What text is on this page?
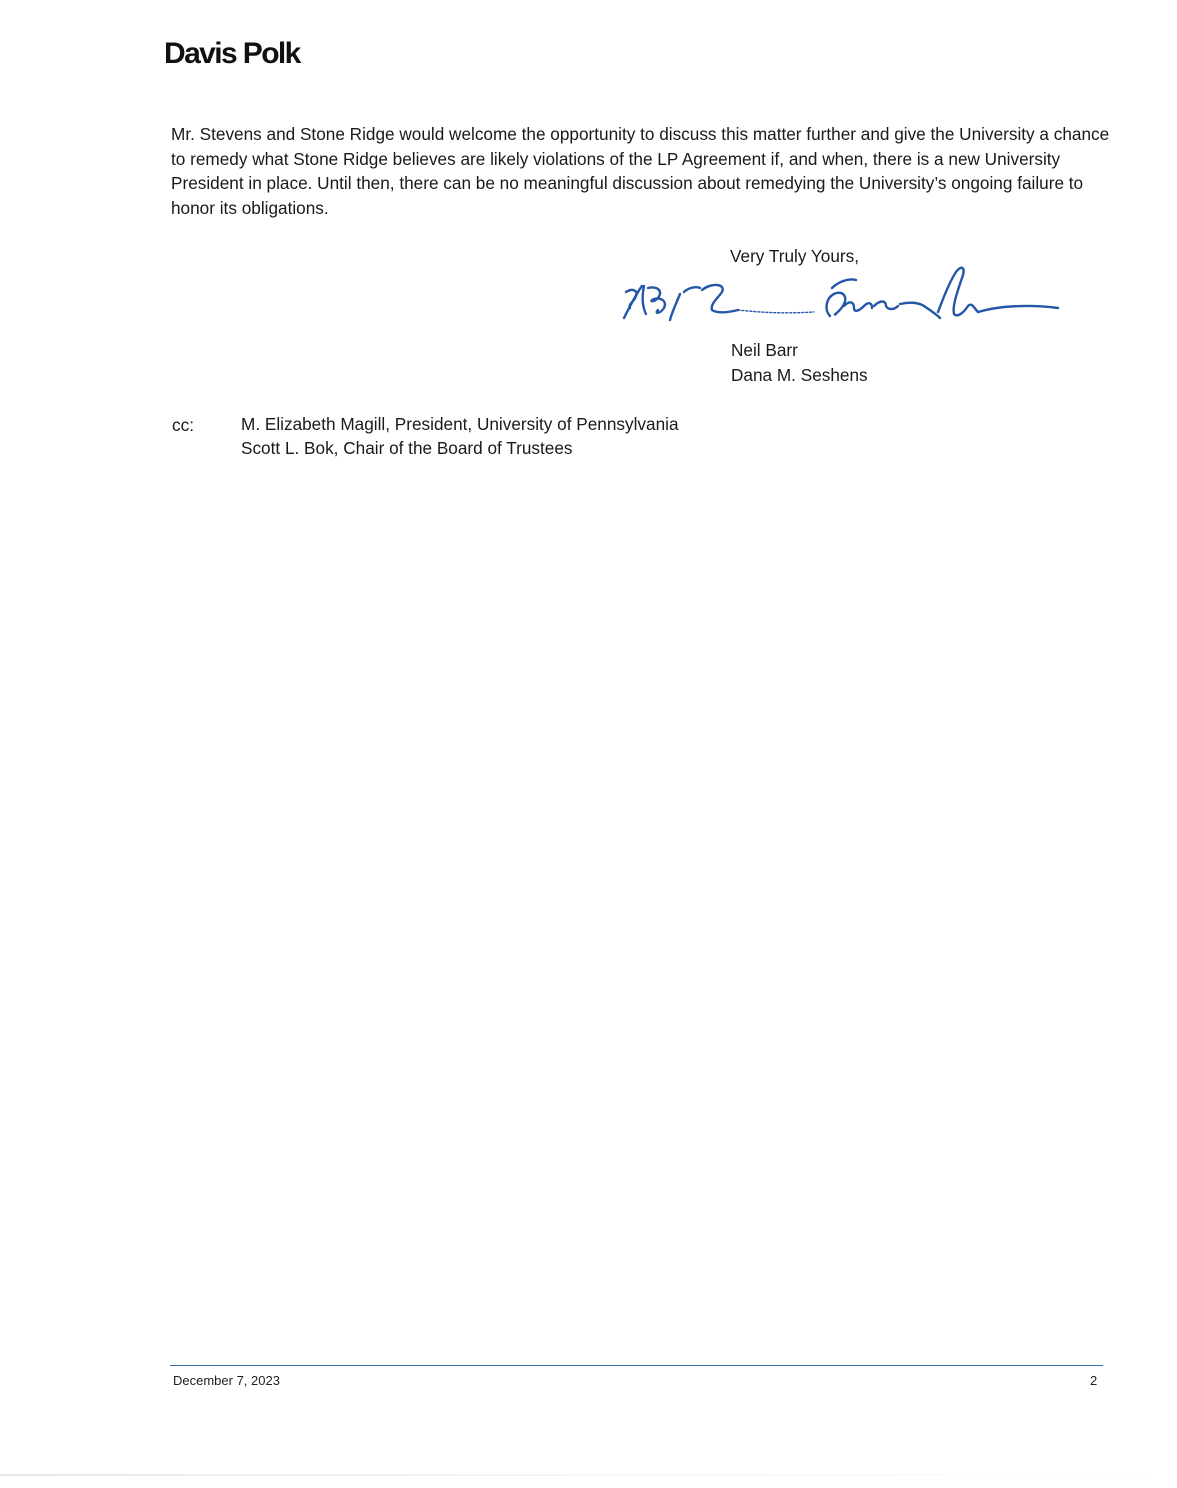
Davis Polk

Mr. Stevens and Stone Ridge would welcome the opportunity to discuss this matter further and give the University a chance to remedy what Stone Ridge believes are likely violations of the LP Agreement if, and when, there is a new University President in place. Until then, there can be no meaningful discussion about remedying the University’s ongoing failure to honor its obligations.

Very Truly Yours,
Neil Barr
Dana M. Seshens
cc:	M. Elizabeth Magill, President, University of Pennsylvania
Scott L. Bok, Chair of the Board of Trustees
December 7, 2023	2
